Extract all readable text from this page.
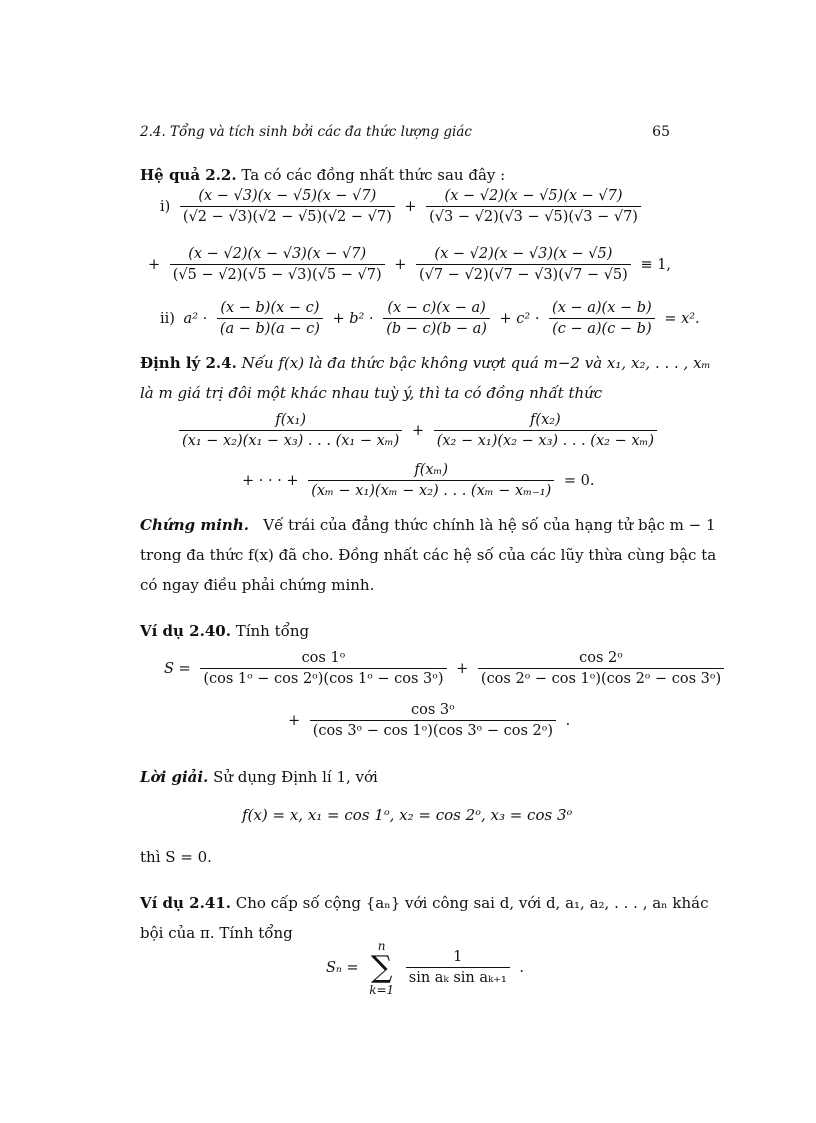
2.4. Tổng và tích sinh bởi các đa thức lượng giác	65
Hệ quả 2.2. Ta có các đồng nhất thức sau đây :
$i) \frac{(x - √3)(x - √5)(x - √7)}{(√2 - √3)(√2 - √5)(√2 - √7)} + \frac{(x - √2)(x - √5)(x - √7)}{(√3 - √2)(√3 - √5)(√3 - √7)}$
+ $\frac{(x - √2)(x - √3)(x - √7)}{(√5 - √2)(√5 - √3)(√5 - √7)} + \frac{(x - √2)(x - √3)(x - √5)}{(√7 - √2)(√7 - √3)(√7 - √5)} \equiv 1$,
ii) $a^2 \cdot \frac{(x - b)(x - c)}{(a - b)(a - c)} + b^2 \cdot \frac{(x - c)(x - a)}{(b - c)(b - a)} + c^2 \cdot \frac{(x - a)(x - b)}{(c - a)(c - b)} = x^2$.
Định lý 2.4. Nếu f(x) là đa thức bậc không vượt quá m−2 và x₁, x₂, . . . , xₘ
là m giá trị đôi một khác nhau tuỳ ý, thì ta có đồng nhất thức
$\frac{\text{f(x₁)}}{\text{(x₁ − x₂)(x₁ − x₃) . . . (x₁ − xₘ)}} + \frac{\text{f(x₂)}}{\text{(x₂ − x₁)(x₂ − x₃) . . . (x₂ − xₘ)}}$
+ · · · + $\frac{\text{f(xₘ)}}{\text{(xₘ − x₁)(xₘ − x₂) . . . (xₘ − xₘ₋₁)}} = 0$.
Chứng minh. Vế trái của đẳng thức chính là hệ số của hạng tử bậc m − 1
trong đa thức f(x) đã cho. Đồng nhất các hệ số của các lũy thừa cùng bậc ta
có ngay điều phải chứng minh.
Ví dụ 2.40. Tính tổng
$S = \frac{\text{cos 1ᵒ}}{\text{(cos 1ᵒ − cos 2ᵒ)(cos 1ᵒ − cos 3ᵒ)}} + \frac{\text{cos 2ᵒ}}{\text{(cos 2ᵒ − cos 1ᵒ)(cos 2ᵒ − cos 3ᵒ)}}$
+ $\frac{\text{cos 3ᵒ}}{\text{(cos 3ᵒ − cos 1ᵒ)(cos 3ᵒ − cos 2ᵒ)}}$ .
Lời giải. Sử dụng Định lí 1, với
f(x) = x, x₁ = cos 1ᵒ, x₂ = cos 2ᵒ, x₃ = cos 3ᵒ
thì S = 0.
Ví dụ 2.41. Cho cấp số cộng {aₙ} với công sai d, với d, a₁, a₂, . . . , aₙ khác
bội của π. Tính tổng
Sₙ = n
∑
k=1
$\frac{1}{\text{sin aₖ sin aₖ₊₁}}$ .
